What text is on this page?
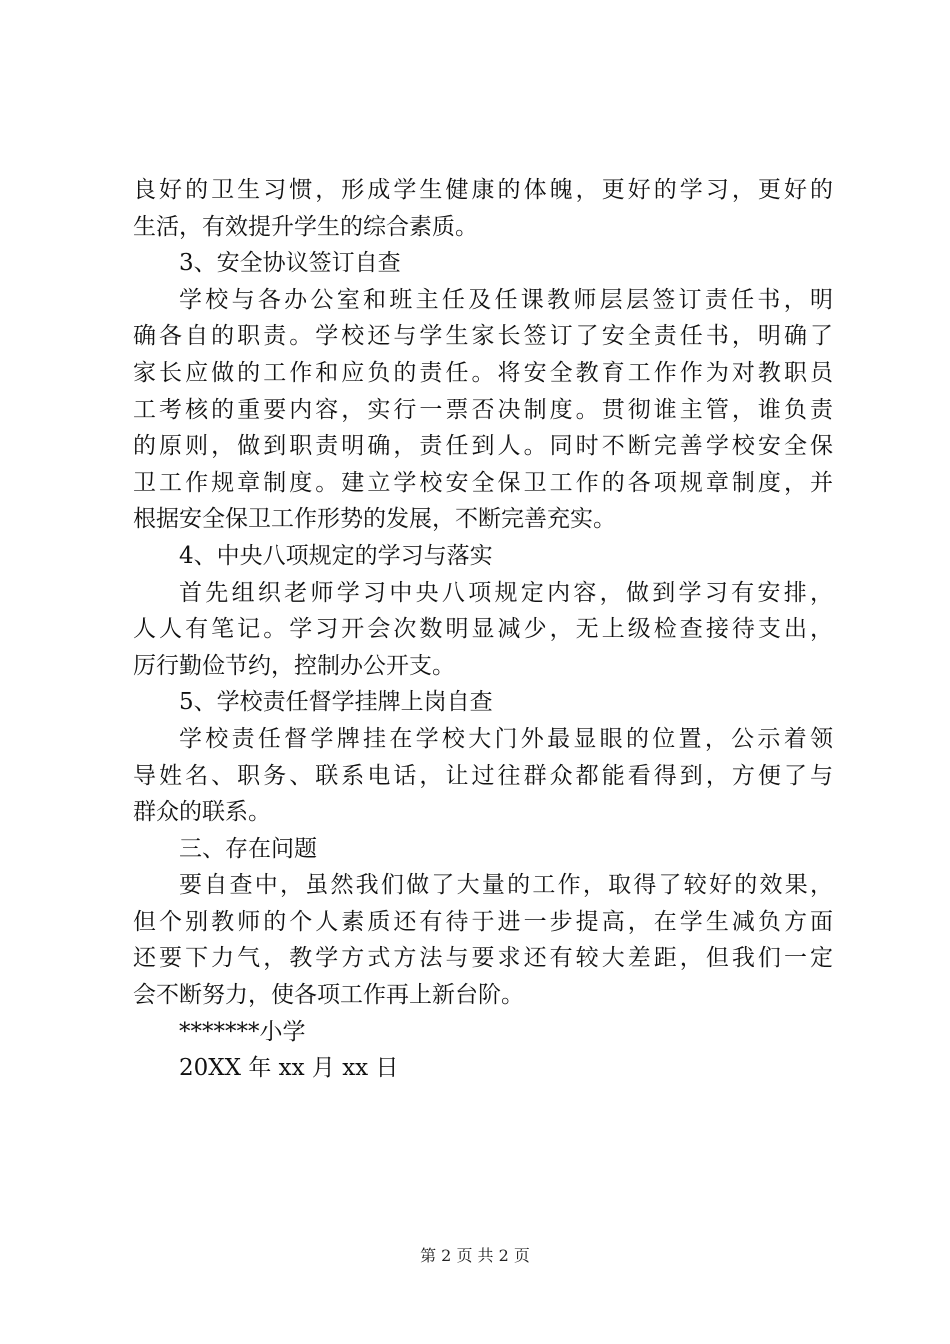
良好的卫生习惯，形成学生健康的体魄，更好的学习，更好的
生活，有效提升学生的综合素质。
3、安全协议签订自查
学校与各办公室和班主任及任课教师层层签订责任书，明
确各自的职责。学校还与学生家长签订了安全责任书，明确了
家长应做的工作和应负的责任。将安全教育工作作为对教职员
工考核的重要内容，实行一票否决制度。贯彻谁主管，谁负责
的原则，做到职责明确，责任到人。同时不断完善学校安全保
卫工作规章制度。建立学校安全保卫工作的各项规章制度，并
根据安全保卫工作形势的发展，不断完善充实。
4、中央八项规定的学习与落实
首先组织老师学习中央八项规定内容，做到学习有安排，
人人有笔记。学习开会次数明显减少，无上级检查接待支出，
厉行勤俭节约，控制办公开支。
5、学校责任督学挂牌上岗自查
学校责任督学牌挂在学校大门外最显眼的位置，公示着领
导姓名、职务、联系电话，让过往群众都能看得到，方便了与
群众的联系。
三、存在问题
要自查中，虽然我们做了大量的工作，取得了较好的效果，
但个别教师的个人素质还有待于进一步提高，在学生减负方面
还要下力气，教学方式方法与要求还有较大差距，但我们一定
会不断努力，使各项工作再上新台阶。
*******小学
20XX 年 xx 月 xx 日
第 2 页 共 2 页
